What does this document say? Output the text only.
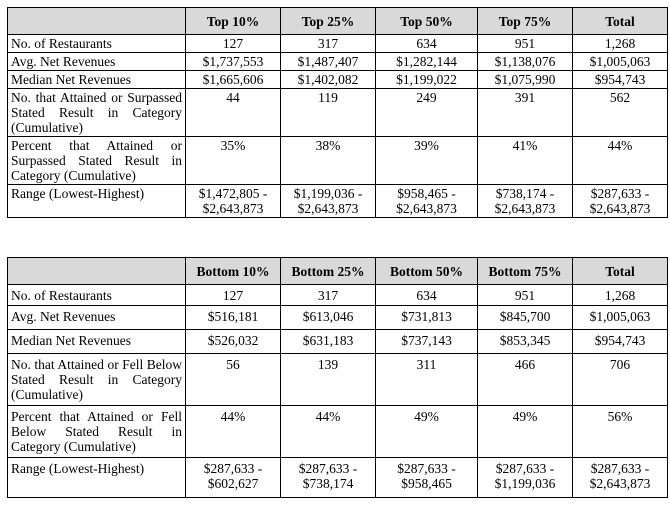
	Top 10%	Top 25%	Top 50%	Top 75%	Total
No. of Restaurants	127	317	634	951	1,268
Avg. Net Revenues	$1,737,553	$1,487,407	$1,282,144	$1,138,076	$1,005,063
Median Net Revenues	$1,665,606	$1,402,082	$1,199,022	$1,075,990	$954,743
No. that Attained or Surpassed Stated Result in Category (Cumulative)	44	119	249	391	562
Percent that Attained or Surpassed Stated Result in Category (Cumulative)	35%	38%	39%	41%	44%
Range (Lowest-Highest)	$1,472,805 - $2,643,873	$1,199,036 - $2,643,873	$958,465 - $2,643,873	$738,174 - $2,643,873	$287,633 - $2,643,873
	Bottom 10%	Bottom 25%	Bottom 50%	Bottom 75%	Total
No. of Restaurants	127	317	634	951	1,268
Avg. Net Revenues	$516,181	$613,046	$731,813	$845,700	$1,005,063
Median Net Revenues	$526,032	$631,183	$737,143	$853,345	$954,743
No. that Attained or Fell Below Stated Result in Category (Cumulative)	56	139	311	466	706
Percent that Attained or Fell Below Stated Result in Category (Cumulative)	44%	44%	49%	49%	56%
Range (Lowest-Highest)	$287,633 - $602,627	$287,633 - $738,174	$287,633 - $958,465	$287,633 - $1,199,036	$287,633 - $2,643,873
